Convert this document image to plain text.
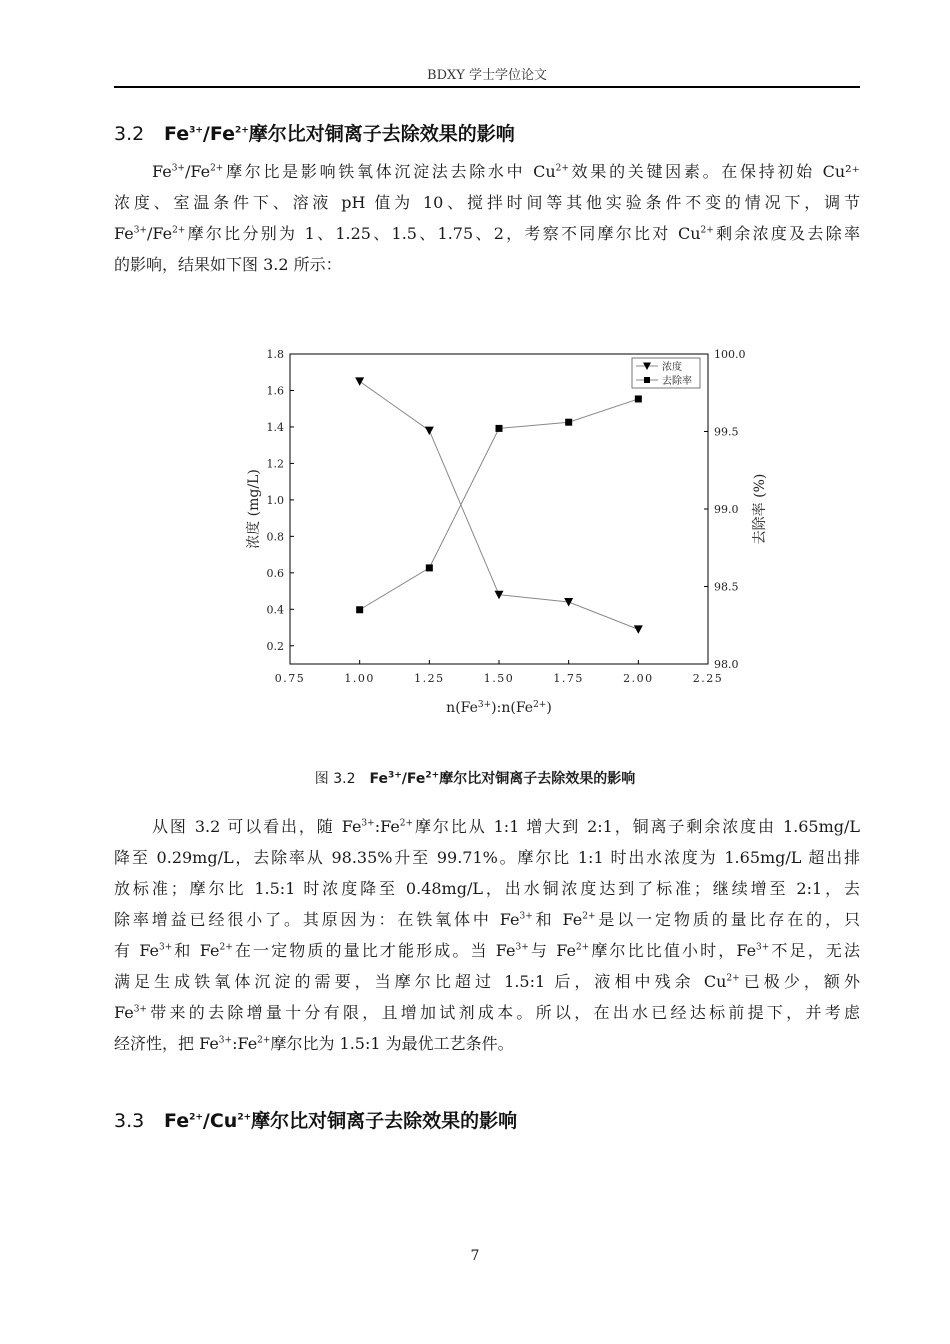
BDXY 学士学位论文
3.2 $Fe^{3+}/Fe^{2+}$摩尔比对铜离子去除效果的影响
$Fe^{3+}/Fe^{2+}$摩尔比是影响铁氧体沉淀法去除水中 $Cu^{2+}$效果的关键因素。在保持初始 Cu²⁺
浓度、室温条件下、溶液 pH 值为 10、搅拌时间等其他实验条件不变的情况下，调节
$Fe^{3+}/Fe^{2+}$摩尔比分别为 1、1.25、1.5、1.75、2，考察不同摩尔比对 $Cu^{2+}$剩余浓度及去除率
的影响，结果如下图 3.2 所示：
0.75	1.00	1.25	1.50	1.75	2.00	2.25
0.2
0.4
0.6
0.8
1.0
1.2
1.4
1.6
1.8
98.0
98.5
99.0
99.5
100.0
浓度 (mg/L)	去除率 (%)
$n(Fe^{3+}):n(Fe^{2+})$
浓度
去除率
图 3.2 $Fe^{3+}/Fe^{2+}$摩尔比对铜离子去除效果的影响
从图 3.2 可以看出，随 $Fe^{3+}:Fe^{2+}$摩尔比从 1:1 增大到 2:1，铜离子剩余浓度由 1.65mg/L
降至 0.29mg/L，去除率从 98.35%升至 99.71%。摩尔比 1:1 时出水浓度为 1.65mg/L 超出排
放标准；摩尔比 1.5:1 时浓度降至 0.48mg/L，出水铜浓度达到了标准；继续增至 2:1，去
除率增益已经很小了。其原因为：在铁氧体中 $Fe^{3+}$和 $Fe^{2+}$是以一定物质的量比存在的，只
有 $Fe^{3+}$和 $Fe^{2+}$在一定物质的量比才能形成。当 $Fe^{3+}$与 $Fe^{2+}$摩尔比比值小时，$Fe^{3+}$不足，无法
满足生成铁氧体沉淀的需要，当摩尔比超过 1.5:1 后，液相中残余 $Cu^{2+}$已极少，额外
$Fe^{3+}$带来的去除增量十分有限，且增加试剂成本。所以，在出水已经达标前提下，并考虑
经济性，把 $Fe^{3+}:Fe^{2+}$摩尔比为 1.5:1 为最优工艺条件。
3.3 $Fe^{2+}/Cu^{2+}$摩尔比对铜离子去除效果的影响
7
